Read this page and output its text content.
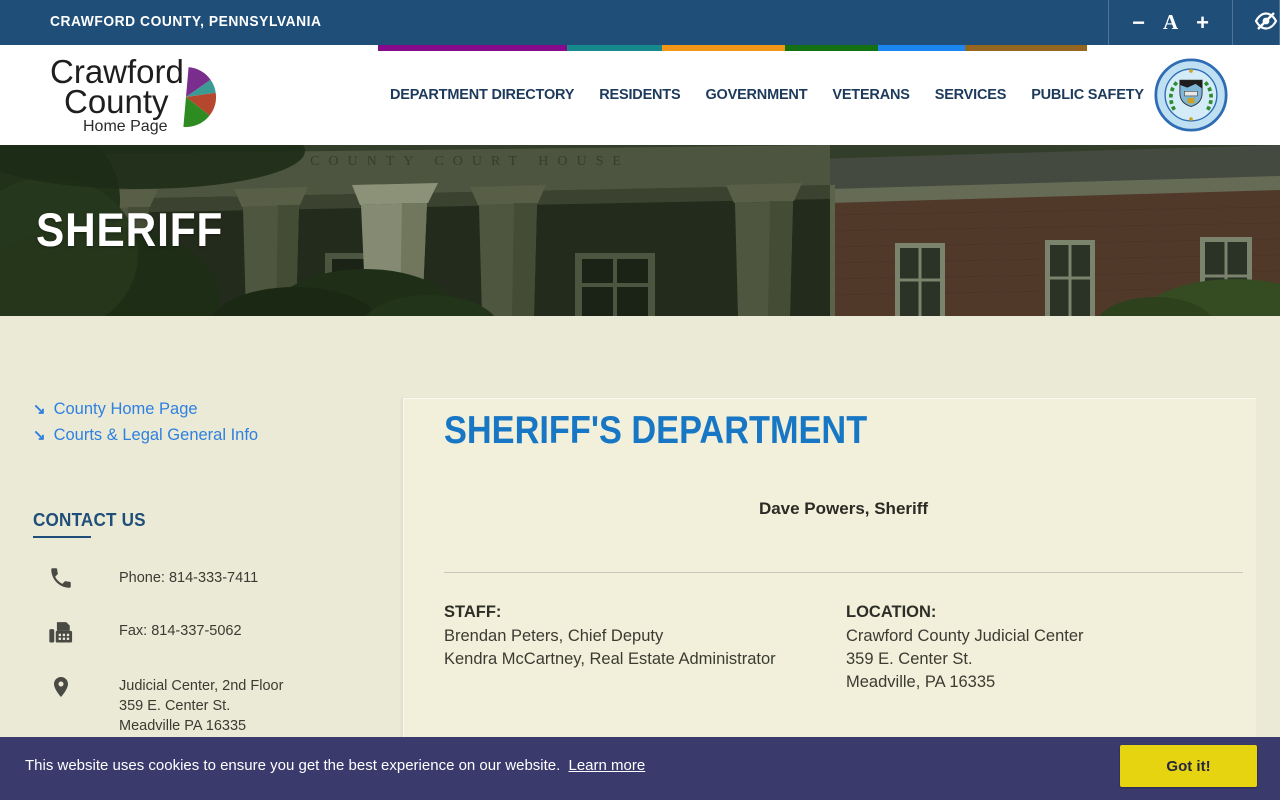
CRAWFORD COUNTY, PENNSYLVANIA	− A +
Crawford
County
Home Page
DEPARTMENT DIRECTORY RESIDENTS GOVERNMENT VETERANS SERVICES PUBLIC SAFETY
COUNTY COURT HOUSE
SHERIFF
↘ County Home Page
↘ Courts & Legal General Info
CONTACT US
Phone: 814-333-7411
Fax: 814-337-5062
Judicial Center, 2nd Floor
359 E. Center St.
Meadville PA 16335
SHERIFF'S DEPARTMENT
Dave Powers, Sheriff
STAFF:
Brendan Peters, Chief Deputy
Kendra McCartney, Real Estate Administrator
LOCATION:
Crawford County Judicial Center
359 E. Center St.
Meadville, PA 16335
This website uses cookies to ensure you get the best experience on our website. Learn more	Got it!
